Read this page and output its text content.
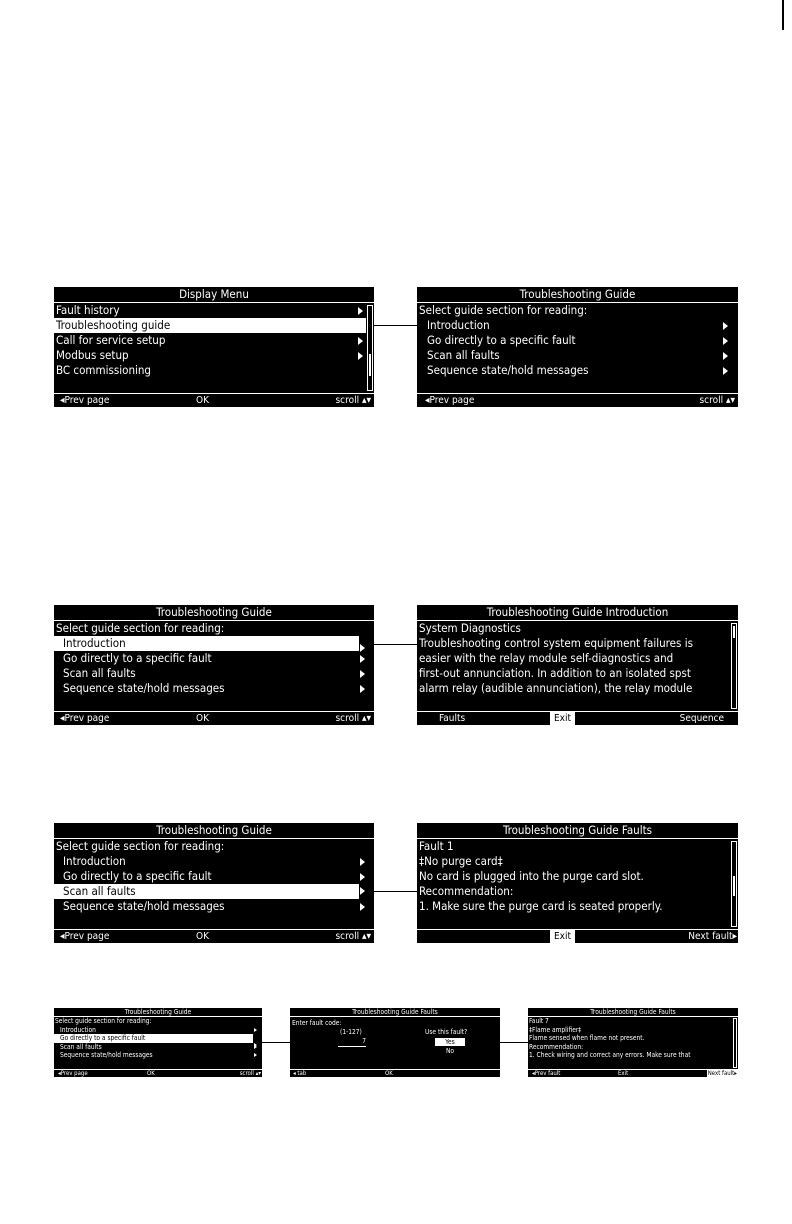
Display Menu
Fault history
Troubleshooting guide
Call for service setup
Modbus setup
BC commissioning
◂Prev page	OK	scroll ▴▾
Troubleshooting Guide
Select guide section for reading:
Introduction
Go directly to a specific fault
Scan all faults
Sequence state/hold messages
◂Prev page	scroll ▴▾
Troubleshooting Guide
Select guide section for reading:
Introduction
Go directly to a specific fault
Scan all faults
Sequence state/hold messages
◂Prev page	OK	scroll ▴▾
Troubleshooting Guide Introduction
System Diagnostics
Troubleshooting control system equipment failures is
easier with the relay module self-diagnostics and
first-out annunciation. In addition to an isolated spst
alarm relay (audible annunciation), the relay module
Faults	Exit	Sequence
Troubleshooting Guide
Select guide section for reading:
Introduction
Go directly to a specific fault
Scan all faults
Sequence state/hold messages
◂Prev page	OK	scroll ▴▾
Troubleshooting Guide Faults
Fault 1
‡No purge card‡
No card is plugged into the purge card slot.
Recommendation:
1. Make sure the purge card is seated properly.
Exit	Next fault▸
Troubleshooting Guide
Select guide section for reading:
Introduction
Go directly to a specific fault
Scan all faults
Sequence state/hold messages
◂Prev page	OK	scroll ▴▾
Troubleshooting Guide Faults
Enter fault code:
(1-127)
7
Use this fault?
Yes
No
◂ tab	OK
Troubleshooting Guide Faults
Fault 7
‡Flame amplifier‡
Flame sensed when flame not present.
Recommendation:
1. Check wiring and correct any errors. Make sure that
◂Prev fault	Exit	Next fault▸
